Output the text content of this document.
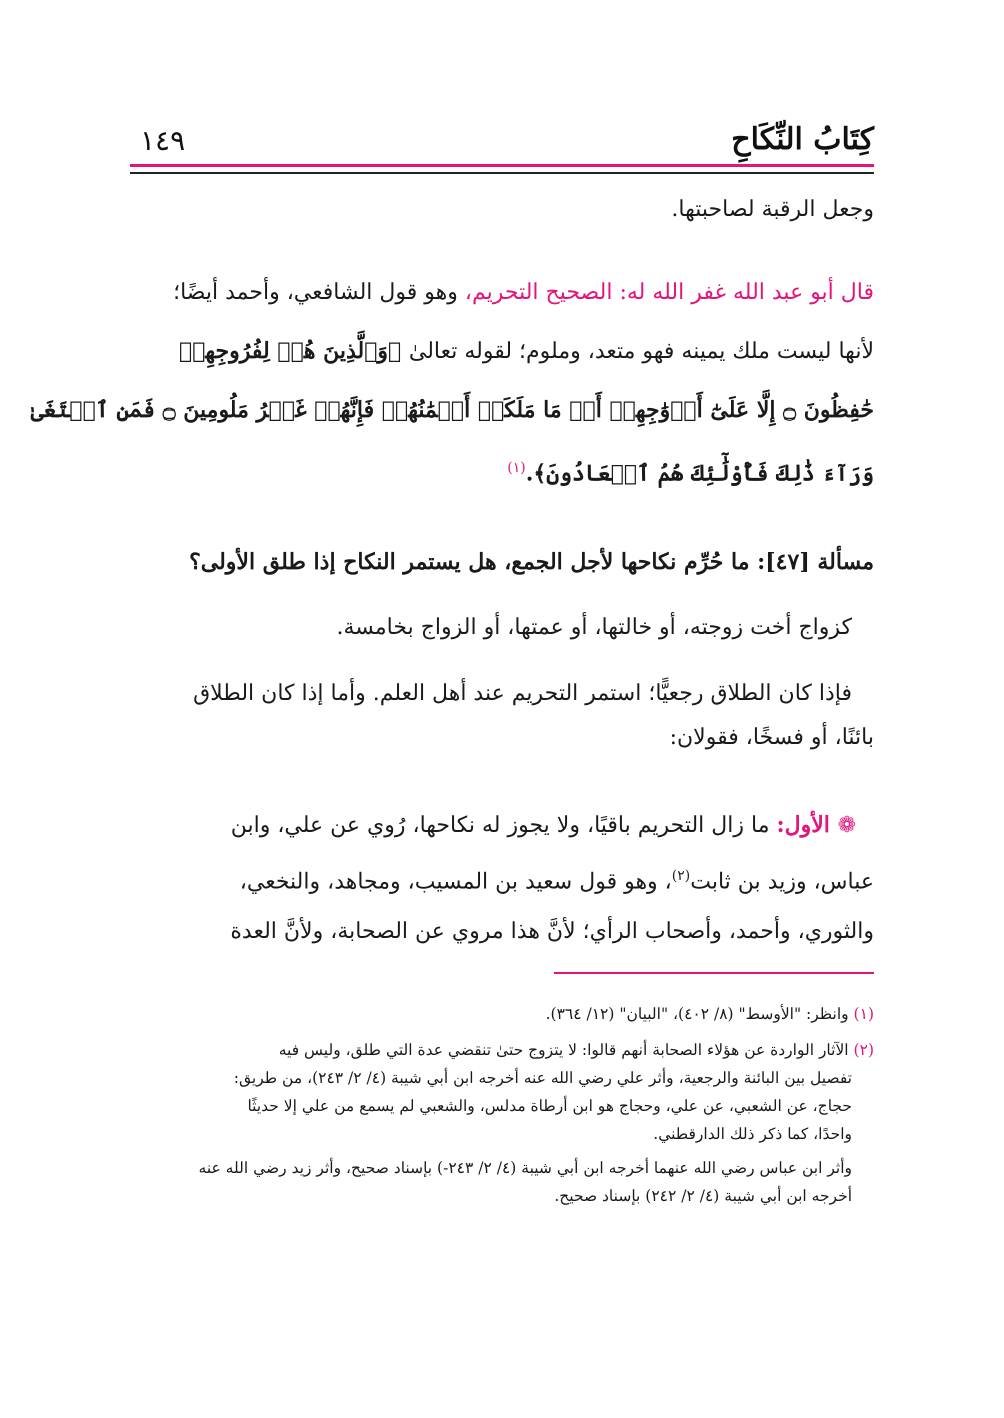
كِتَابُ النِّكَاحِ
١٤٩
وجعل الرقبة لصاحبتها.
قال أبو عبد الله غفر الله له: الصحيح التحريم، وهو قول الشافعي، وأحمد أيضًا؛
لأنها ليست ملك يمينه فهو متعد، وملوم؛ لقوله تعالىٰ ﴿وَٱلَّذِينَ هُمۡ لِفُرُوجِهِمۡ
حَٰفِظُونَ ۝ إِلَّا عَلَىٰٓ أَزۡوَٰجِهِمۡ أَوۡ مَا مَلَكَتۡ أَيۡمَٰنُهُمۡ فَإِنَّهُمۡ غَيۡرُ مَلُومِينَ ۝ فَمَنِ ٱبۡتَغَىٰ
وَرَآءَ ذَٰلِكَ فَأُوْلَٰٓئِكَ هُمُ ٱلۡعَادُونَ﴾.$^{(١)}$
مسألة [٤٧]: ما حُرِّم نكاحها لأجل الجمع، هل يستمر النكاح إذا طلق الأولى؟
كزواج أخت زوجته، أو خالتها، أو عمتها، أو الزواج بخامسة.
فإذا كان الطلاق رجعيًّا؛ استمر التحريم عند أهل العلم. وأما إذا كان الطلاق
بائنًا، أو فسخًا، فقولان:
❁ الأول: ما زال التحريم باقيًا، ولا يجوز له نكاحها، رُوي عن علي، وابن
عباس، وزيد بن ثابت$^{(٢)}$، وهو قول سعيد بن المسيب، ومجاهد، والنخعي،
والثوري، وأحمد، وأصحاب الرأي؛ لأنَّ هذا مروي عن الصحابة، ولأنَّ العدة
(١) وانظر: "الأوسط" (٨/ ٤٠٢)، "البيان" (١٢/ ٣٦٤).
(٢) الآثار الواردة عن هؤلاء الصحابة أنهم قالوا: لا يتزوج حتىٰ تنقضي عدة التي طلق، وليس فيه
تفصيل بين البائنة والرجعية، وأثر علي رضي الله عنه أخرجه ابن أبي شيبة (٤/ ٢/ ٢٤٣)، من طريق:
حجاج، عن الشعبي، عن علي، وحجاج هو ابن أرطاة مدلس، والشعبي لم يسمع من علي إلا حديثًا
واحدًا، كما ذكر ذلك الدارقطني.
وأثر ابن عباس رضي الله عنهما أخرجه ابن أبي شيبة (٤/ ٢/ ٢٤٣-) بإسناد صحيح، وأثر زيد رضي الله عنه
أخرجه ابن أبي شيبة (٤/ ٢/ ٢٤٢) بإسناد صحيح.
